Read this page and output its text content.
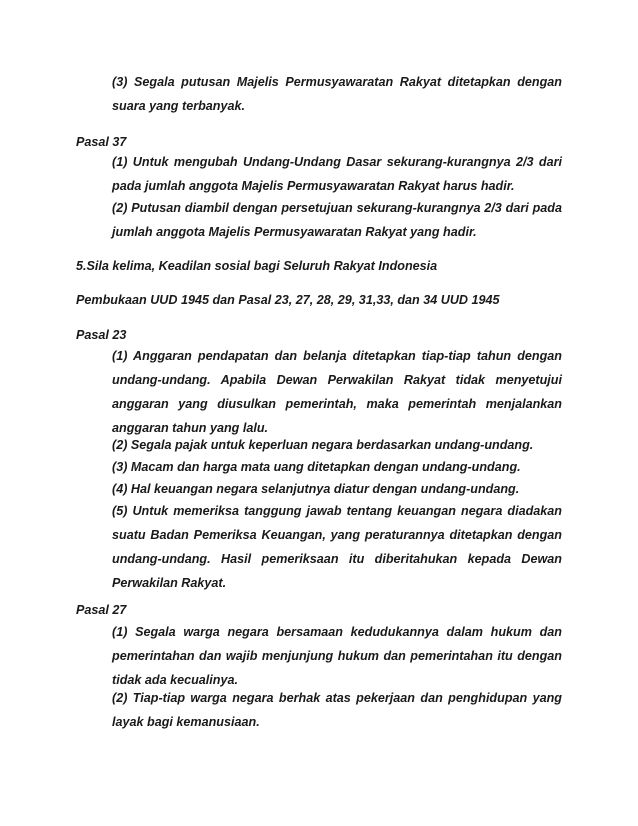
(3) Segala putusan Majelis Permusyawaratan Rakyat ditetapkan dengan
suara yang terbanyak.
Pasal 37
(1) Untuk mengubah Undang-Undang Dasar sekurang-kurangnya 2/3 dari
pada jumlah anggota Majelis Permusyawaratan Rakyat harus hadir.
(2) Putusan diambil dengan persetujuan sekurang-kurangnya 2/3 dari pada
jumlah anggota Majelis Permusyawaratan Rakyat yang hadir.
5.Sila kelima, Keadilan sosial bagi Seluruh Rakyat Indonesia
Pembukaan UUD 1945 dan Pasal 23, 27, 28, 29, 31,33, dan 34 UUD 1945
Pasal 23
(1) Anggaran pendapatan dan belanja ditetapkan tiap-tiap tahun dengan
undang-undang. Apabila Dewan Perwakilan Rakyat tidak menyetujui
anggaran yang diusulkan pemerintah, maka pemerintah menjalankan
anggaran tahun yang lalu.
(2) Segala pajak untuk keperluan negara berdasarkan undang-undang.
(3) Macam dan harga mata uang ditetapkan dengan undang-undang.
(4) Hal keuangan negara selanjutnya diatur dengan undang-undang.
(5) Untuk memeriksa tanggung jawab tentang keuangan negara diadakan
suatu Badan Pemeriksa Keuangan, yang peraturannya ditetapkan dengan
undang-undang. Hasil pemeriksaan itu diberitahukan kepada Dewan
Perwakilan Rakyat.
Pasal 27
(1) Segala warga negara bersamaan kedudukannya dalam hukum dan
pemerintahan dan wajib menjunjung hukum dan pemerintahan itu dengan
tidak ada kecualinya.
(2) Tiap-tiap warga negara berhak atas pekerjaan dan penghidupan yang
layak bagi kemanusiaan.
